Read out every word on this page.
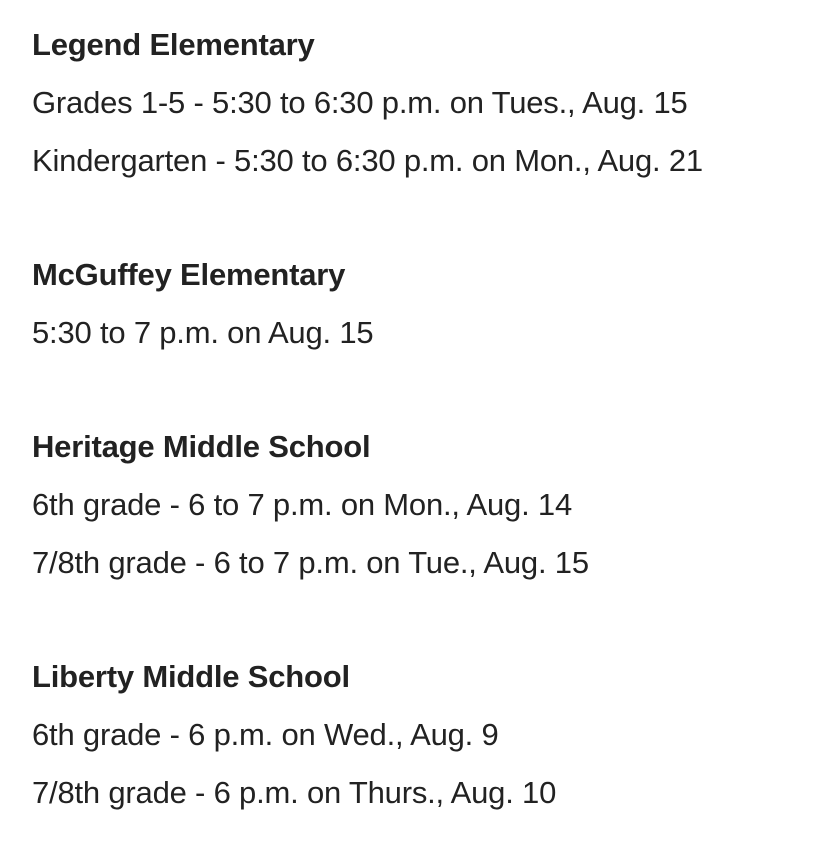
Legend Elementary
Grades 1-5 - 5:30 to 6:30 p.m. on Tues., Aug. 15
Kindergarten - 5:30 to 6:30 p.m. on Mon., Aug. 21
McGuffey Elementary
5:30 to 7 p.m. on Aug. 15
Heritage Middle School
6th grade - 6 to 7 p.m. on Mon., Aug. 14
7/8th grade - 6 to 7 p.m. on Tue., Aug. 15
Liberty Middle School
6th grade - 6 p.m. on Wed., Aug. 9
7/8th grade - 6 p.m. on Thurs., Aug. 10
